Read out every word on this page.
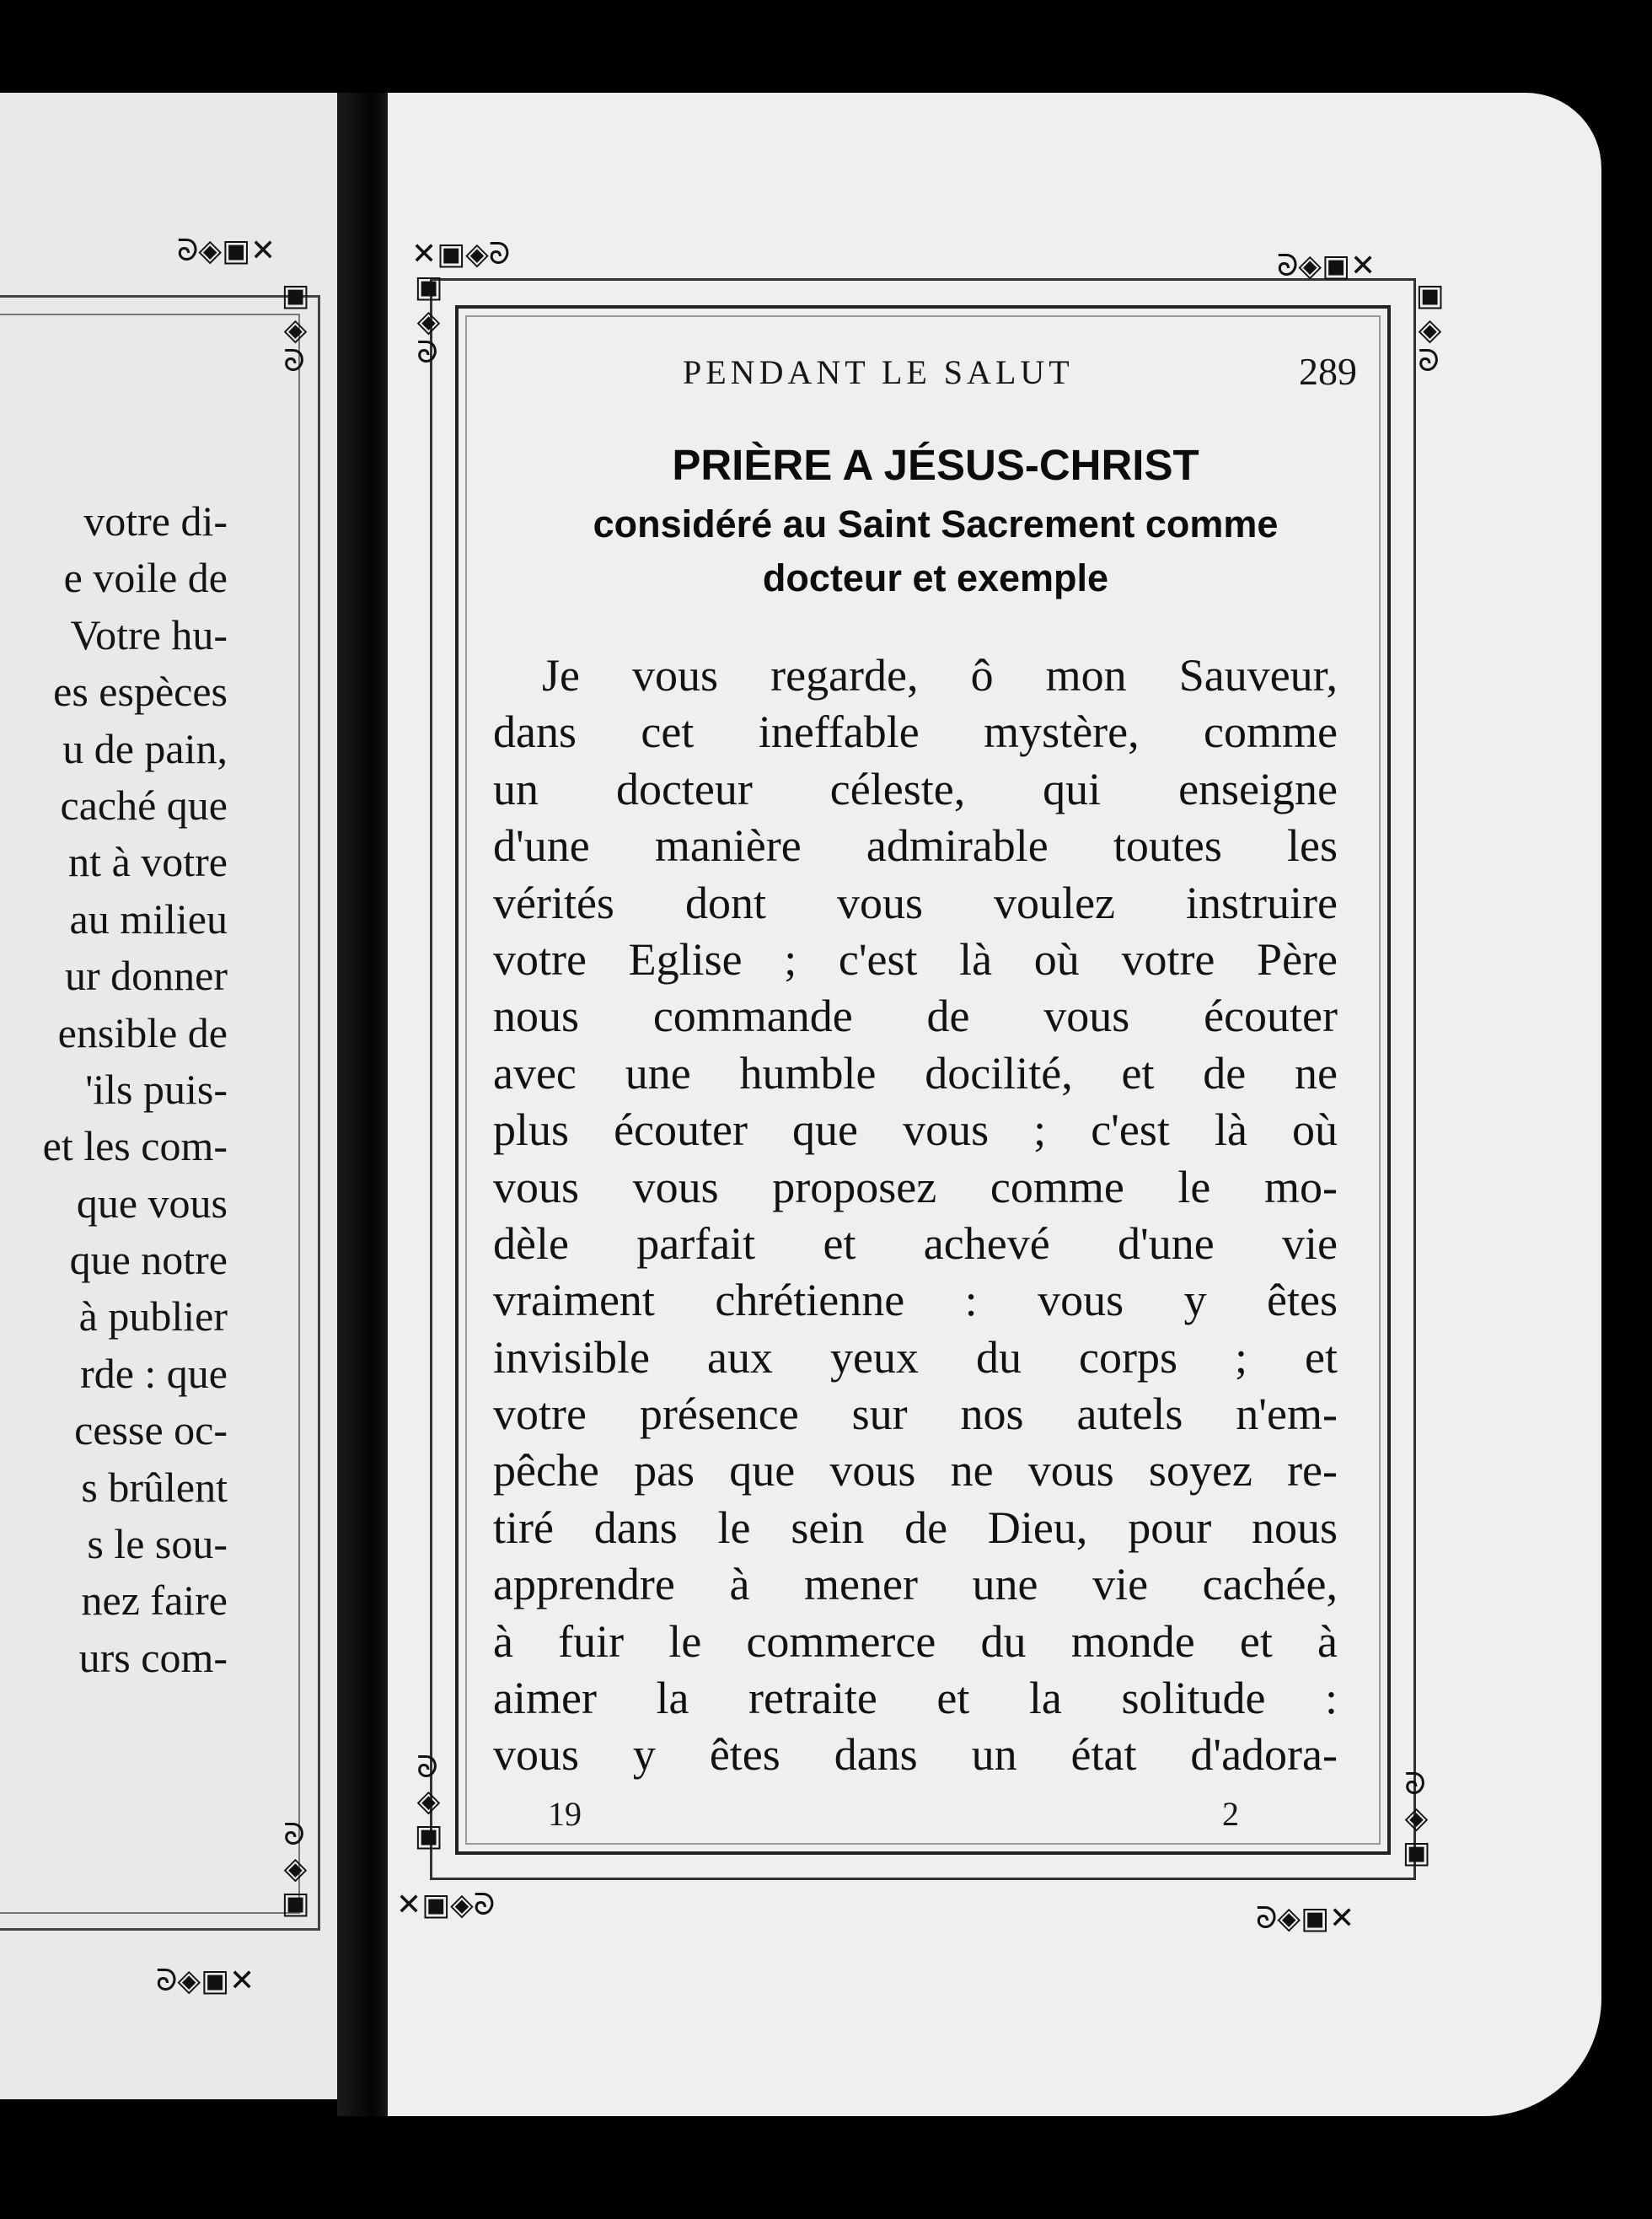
ᘐ◈▣✕
▣◈ᘐ
ᘐ◈▣
ᘐ◈▣✕
votre di-
e voile de
Votre hu-
es espèces
u de pain,
caché que
nt à votre
au milieu
ur donner
ensible de
'ils puis-
et les com-
que vous
que notre
à publier
rde : que
cesse oc-
s brûlent
s le sou-
nez faire
urs com-
✕▣◈ᘐ
▣◈ᘐ
ᘐ◈▣✕
▣◈ᘐ
ᘐ◈▣
✕▣◈ᘐ
ᘐ◈▣
ᘐ◈▣✕
PENDANT LE SALUT	289
PRIÈRE A JÉSUS-CHRIST
considéré au Saint Sacrement comme
docteur et exemple
Je vous regarde, ô mon Sauveur,
dans cet ineffable mystère, comme
un docteur céleste, qui enseigne
d'une manière admirable toutes les
vérités dont vous voulez instruire
votre Eglise ; c'est là où votre Père
nous commande de vous écouter
avec une humble docilité, et de ne
plus écouter que vous ; c'est là où
vous vous proposez comme le mo-
dèle parfait et achevé d'une vie
vraiment chrétienne : vous y êtes
invisible aux yeux du corps ; et
votre présence sur nos autels n'em-
pêche pas que vous ne vous soyez re-
tiré dans le sein de Dieu, pour nous
apprendre à mener une vie cachée,
à fuir le commerce du monde et à
aimer la retraite et la solitude :
vous y êtes dans un état d'adora-
19	2
